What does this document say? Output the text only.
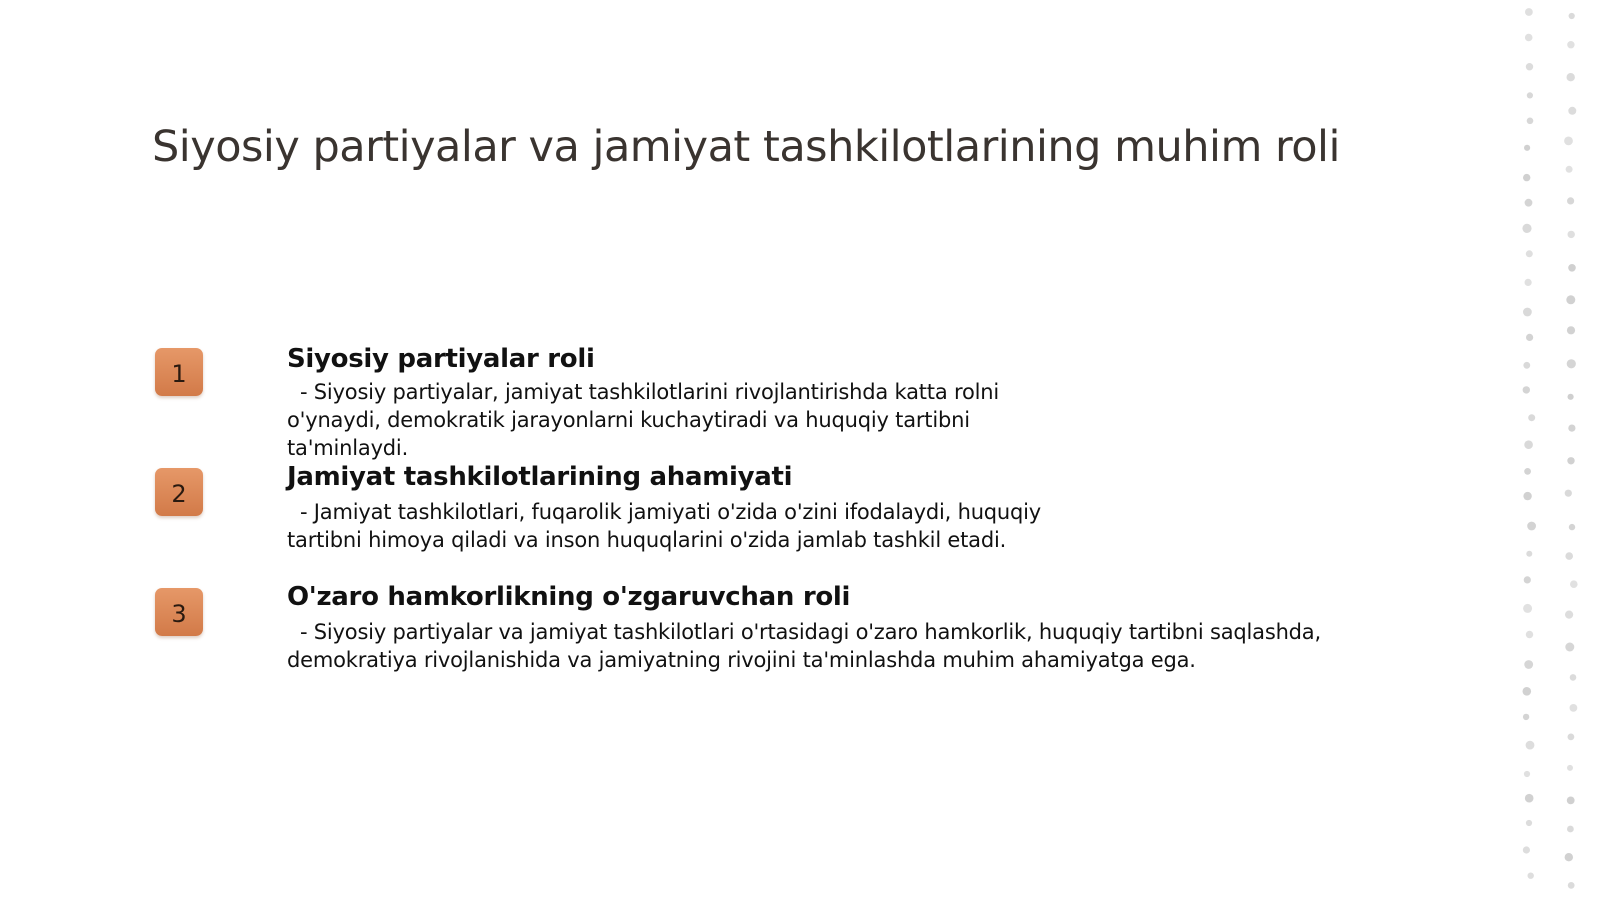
Siyosiy partiyalar va jamiyat tashkilotlarining muhim roli
1	Siyosiy partiyalar roli
- Siyosiy partiyalar, jamiyat tashkilotlarini rivojlantirishda katta rolni o'ynaydi, demokratik jarayonlarni kuchaytiradi va huquqiy tartibni ta'minlaydi.
2
Jamiyat tashkilotlarining ahamiyati
- Jamiyat tashkilotlari, fuqarolik jamiyati o'zida o'zini ifodalaydi, huquqiy tartibni himoya qiladi va inson huquqlarini o'zida jamlab tashkil etadi.
3
O'zaro hamkorlikning o'zgaruvchan roli
- Siyosiy partiyalar va jamiyat tashkilotlari o'rtasidagi o'zaro hamkorlik, huquqiy tartibni saqlashda, demokratiya rivojlanishida va jamiyatning rivojini ta'minlashda muhim ahamiyatga ega.
